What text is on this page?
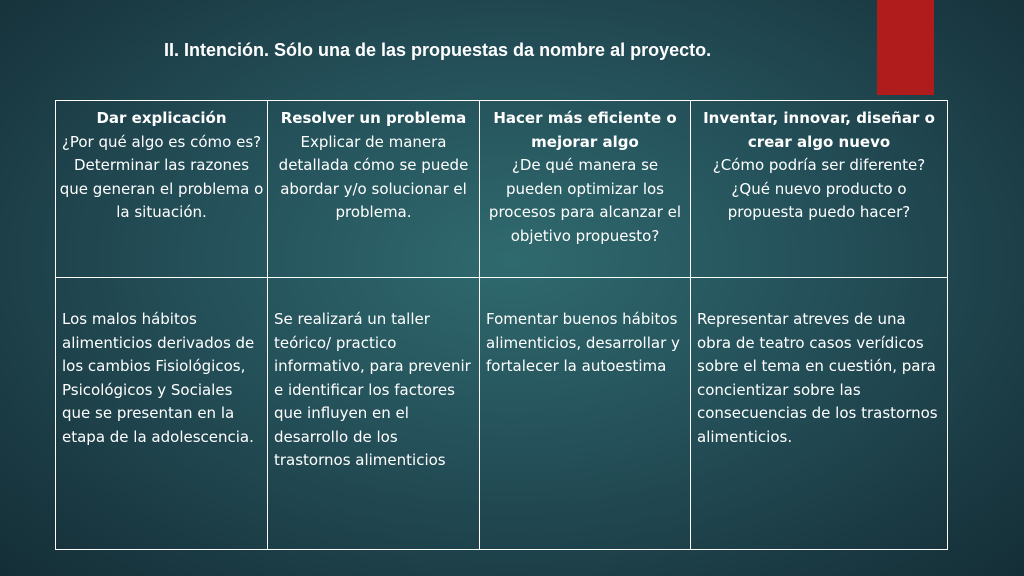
II. Intención. Sólo una de las propuestas da nombre al proyecto.
Dar explicación
¿Por qué algo es cómo es? Determinar las razones que generan el problema o la situación.
Resolver un problema
Explicar de manera detallada cómo se puede abordar y/o solucionar el problema.
Hacer más eficiente o mejorar algo
¿De qué manera se pueden optimizar los procesos para alcanzar el objetivo propuesto?
Inventar, innovar, diseñar o crear algo nuevo
¿Cómo podría ser diferente? ¿Qué nuevo producto o propuesta puedo hacer?
Los malos hábitos alimenticios derivados de los cambios Fisiológicos, Psicológicos y Sociales que se presentan en la etapa de la adolescencia.
Se realizará un taller teórico/ practico informativo, para prevenir e identificar los factores que influyen en el desarrollo de los trastornos alimenticios
Fomentar buenos hábitos alimenticios, desarrollar y fortalecer la autoestima
Representar atreves de una obra de teatro casos verídicos sobre el tema en cuestión, para concientizar sobre las consecuencias de los trastornos alimenticios.
